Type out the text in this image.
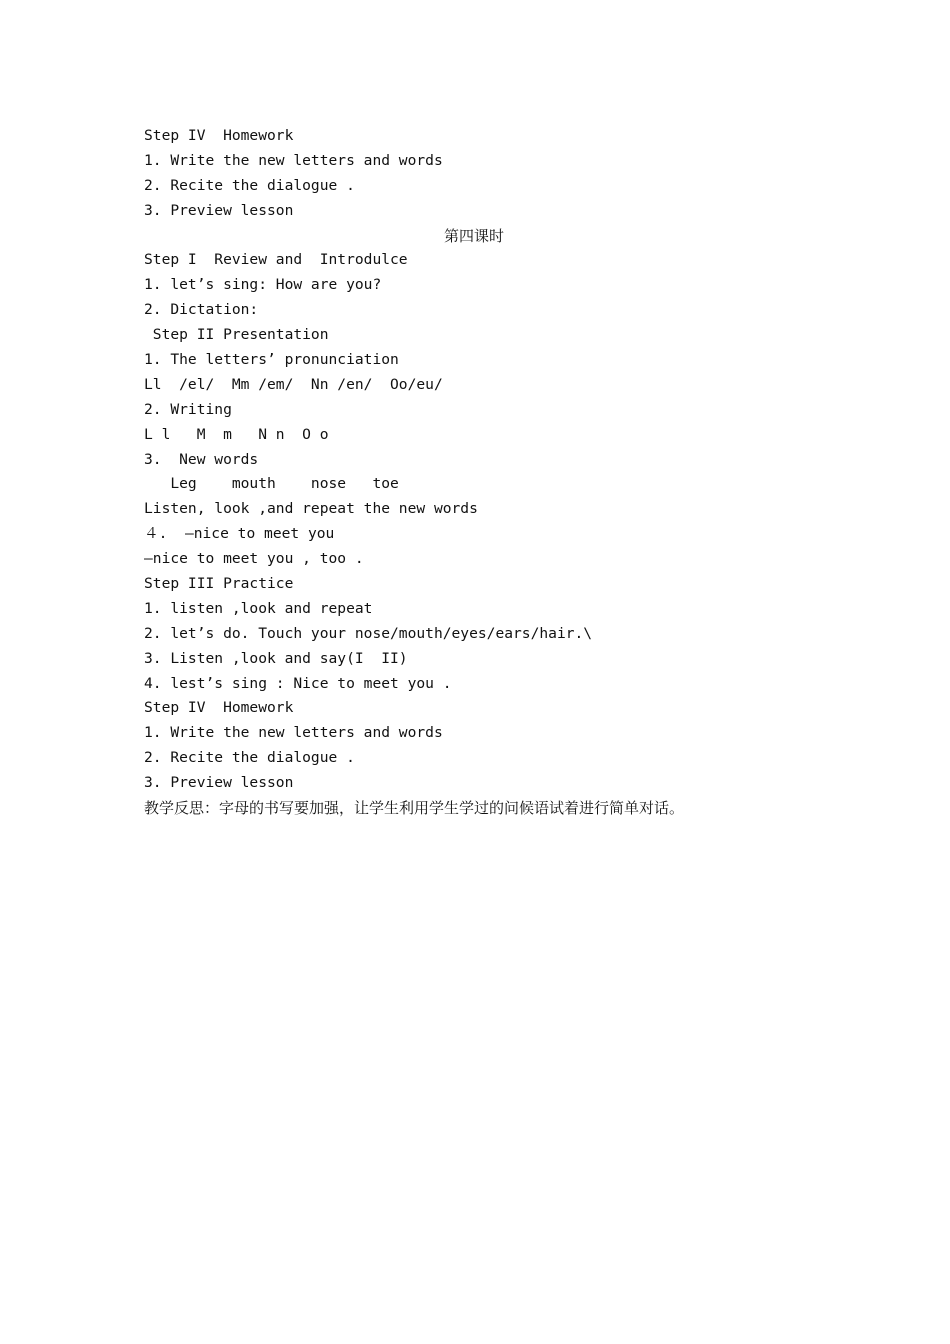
Step IV  Homework
1. Write the new letters and words
2. Recite the dialogue .
3. Preview lesson
第四课时
Step I  Review and  Introdulce
1. let’s sing: How are you?
2. Dictation:
Step II Presentation
1. The letters’ pronunciation
Ll  /el/  Mm /em/  Nn /en/  Oo/eu/
2. Writing
L l   M  m   N n  O o
3.  New words
Leg    mouth    nose   toe
Listen, look ,and repeat the new words
４.  —nice to meet you
—nice to meet you , too .
Step III Practice
1. listen ,look and repeat
2. let’s do. Touch your nose/mouth/eyes/ears/hair.\
3. Listen ,look and say(I  II)
4. lest’s sing : Nice to meet you .
Step IV  Homework
1. Write the new letters and words
2. Recite the dialogue .
3. Preview lesson
教学反思：字母的书写要加强，让学生利用学生学过的问候语试着进行简单对话。
